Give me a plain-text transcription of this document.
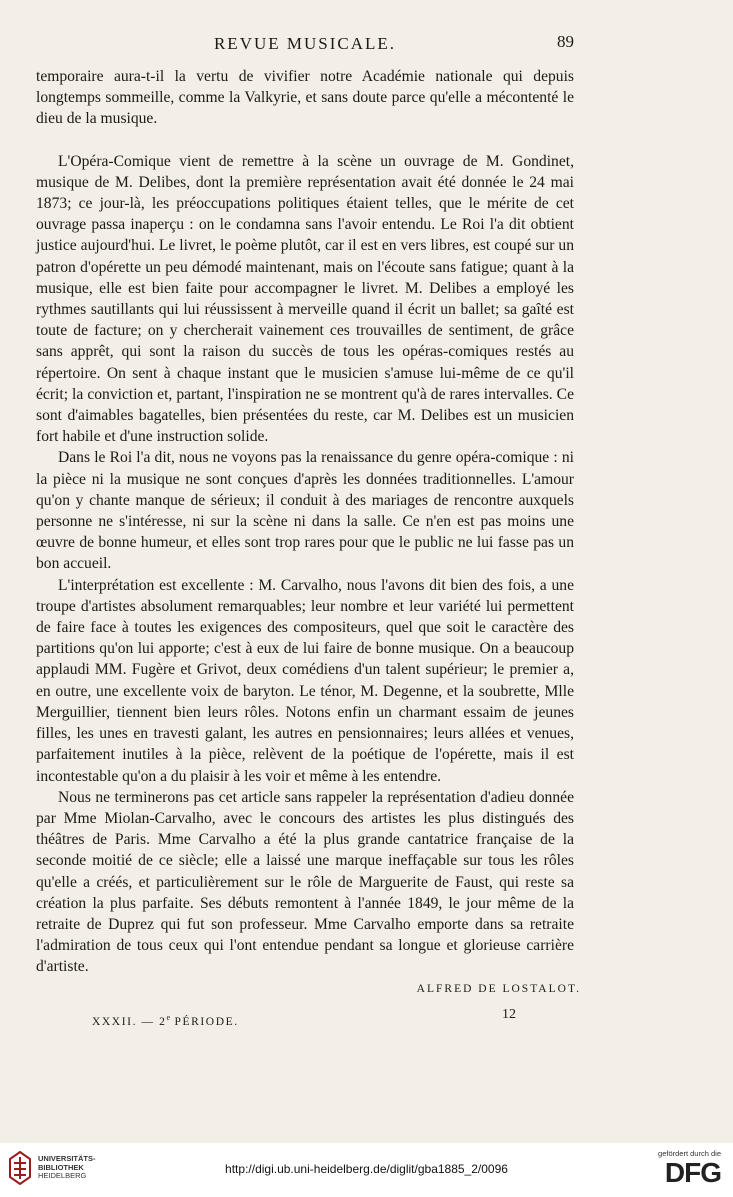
REVUE MUSICALE.	89

temporaire aura-t-il la vertu de vivifier notre Académie nationale qui depuis longtemps sommeille, comme la Valkyrie, et sans doute parce qu'elle a mécontenté le dieu de la musique.

L'Opéra-Comique vient de remettre à la scène un ouvrage de M. Gondinet, musique de M. Delibes, dont la première représentation avait été donnée le 24 mai 1873; ce jour-là, les préoccupations politiques étaient telles, que le mérite de cet ouvrage passa inaperçu : on le condamna sans l'avoir entendu. Le Roi l'a dit obtient justice aujourd'hui. Le livret, le poème plutôt, car il est en vers libres, est coupé sur un patron d'opérette un peu démodé maintenant, mais on l'écoute sans fatigue; quant à la musique, elle est bien faite pour accompagner le livret. M. Delibes a employé les rythmes sautillants qui lui réussissent à merveille quand il écrit un ballet; sa gaîté est toute de facture; on y chercherait vainement ces trouvailles de sentiment, de grâce sans apprêt, qui sont la raison du succès de tous les opéras-comiques restés au répertoire. On sent à chaque instant que le musicien s'amuse lui-même de ce qu'il écrit; la conviction et, partant, l'inspiration ne se montrent qu'à de rares intervalles. Ce sont d'aimables bagatelles, bien présentées du reste, car M. Delibes est un musicien fort habile et d'une instruction solide.

Dans le Roi l'a dit, nous ne voyons pas la renaissance du genre opéra-comique : ni la pièce ni la musique ne sont conçues d'après les données traditionnelles. L'amour qu'on y chante manque de sérieux; il conduit à des mariages de rencontre auxquels personne ne s'intéresse, ni sur la scène ni dans la salle. Ce n'en est pas moins une œuvre de bonne humeur, et elles sont trop rares pour que le public ne lui fasse pas un bon accueil.

L'interprétation est excellente : M. Carvalho, nous l'avons dit bien des fois, a une troupe d'artistes absolument remarquables; leur nombre et leur variété lui permettent de faire face à toutes les exigences des compositeurs, quel que soit le caractère des partitions qu'on lui apporte; c'est à eux de lui faire de bonne musique. On a beaucoup applaudi MM. Fugère et Grivot, deux comédiens d'un talent supérieur; le premier a, en outre, une excellente voix de baryton. Le ténor, M. Degenne, et la soubrette, Mlle Merguillier, tiennent bien leurs rôles. Notons enfin un charmant essaim de jeunes filles, les unes en travesti galant, les autres en pensionnaires; leurs allées et venues, parfaitement inutiles à la pièce, relèvent de la poétique de l'opérette, mais il est incontestable qu'on a du plaisir à les voir et même à les entendre.

Nous ne terminerons pas cet article sans rappeler la représentation d'adieu donnée par Mme Miolan-Carvalho, avec le concours des artistes les plus distingués des théâtres de Paris. Mme Carvalho a été la plus grande cantatrice française de la seconde moitié de ce siècle; elle a laissé une marque ineffaçable sur tous les rôles qu'elle a créés, et particulièrement sur le rôle de Marguerite de Faust, qui reste sa création la plus parfaite. Ses débuts remontent à l'année 1849, le jour même de la retraite de Duprez qui fut son professeur. Mme Carvalho emporte dans sa retraite l'admiration de tous ceux qui l'ont entendue pendant sa longue et glorieuse carrière d'artiste.

ALFRED DE LOSTALOT.
XXXII. — 2e PÉRIODE.	12
UNIVERSITÄTS-
BIBLIOTHEK
HEIDELBERG	http://digi.ub.uni-heidelberg.de/diglit/gba1885_2/0096
gefördert durch die
DFG
